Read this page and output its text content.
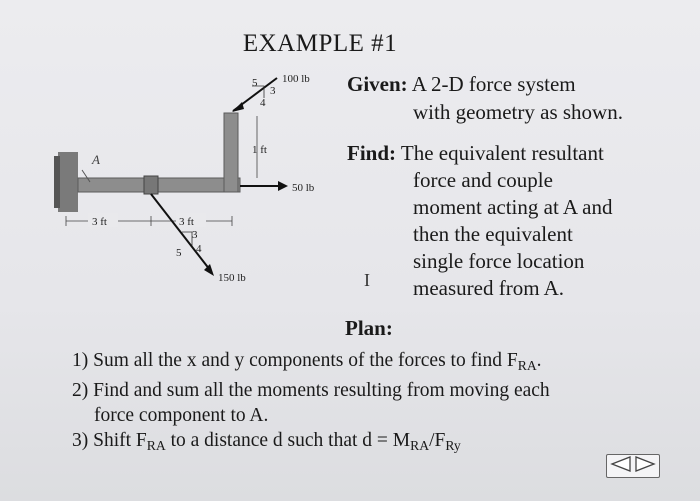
EXAMPLE #1
A
100 lb
5
3
4
1 ft
50 lb
3 ft	3 ft
3
5 4
150 lb
Given: A 2-D force system
with geometry as shown.
Find: The equivalent resultant
force and couple
moment acting at A and
then the equivalent
single force location
measured from A.
I
Plan:

1) Sum all the x and y components of the forces to find $F_{RA}$.

2) Find and sum all the moments resulting from moving each

force component to A.

3) Shift $F_{RA}$ to a distance d such that $d = M_{RA}/F_{Ry}$
